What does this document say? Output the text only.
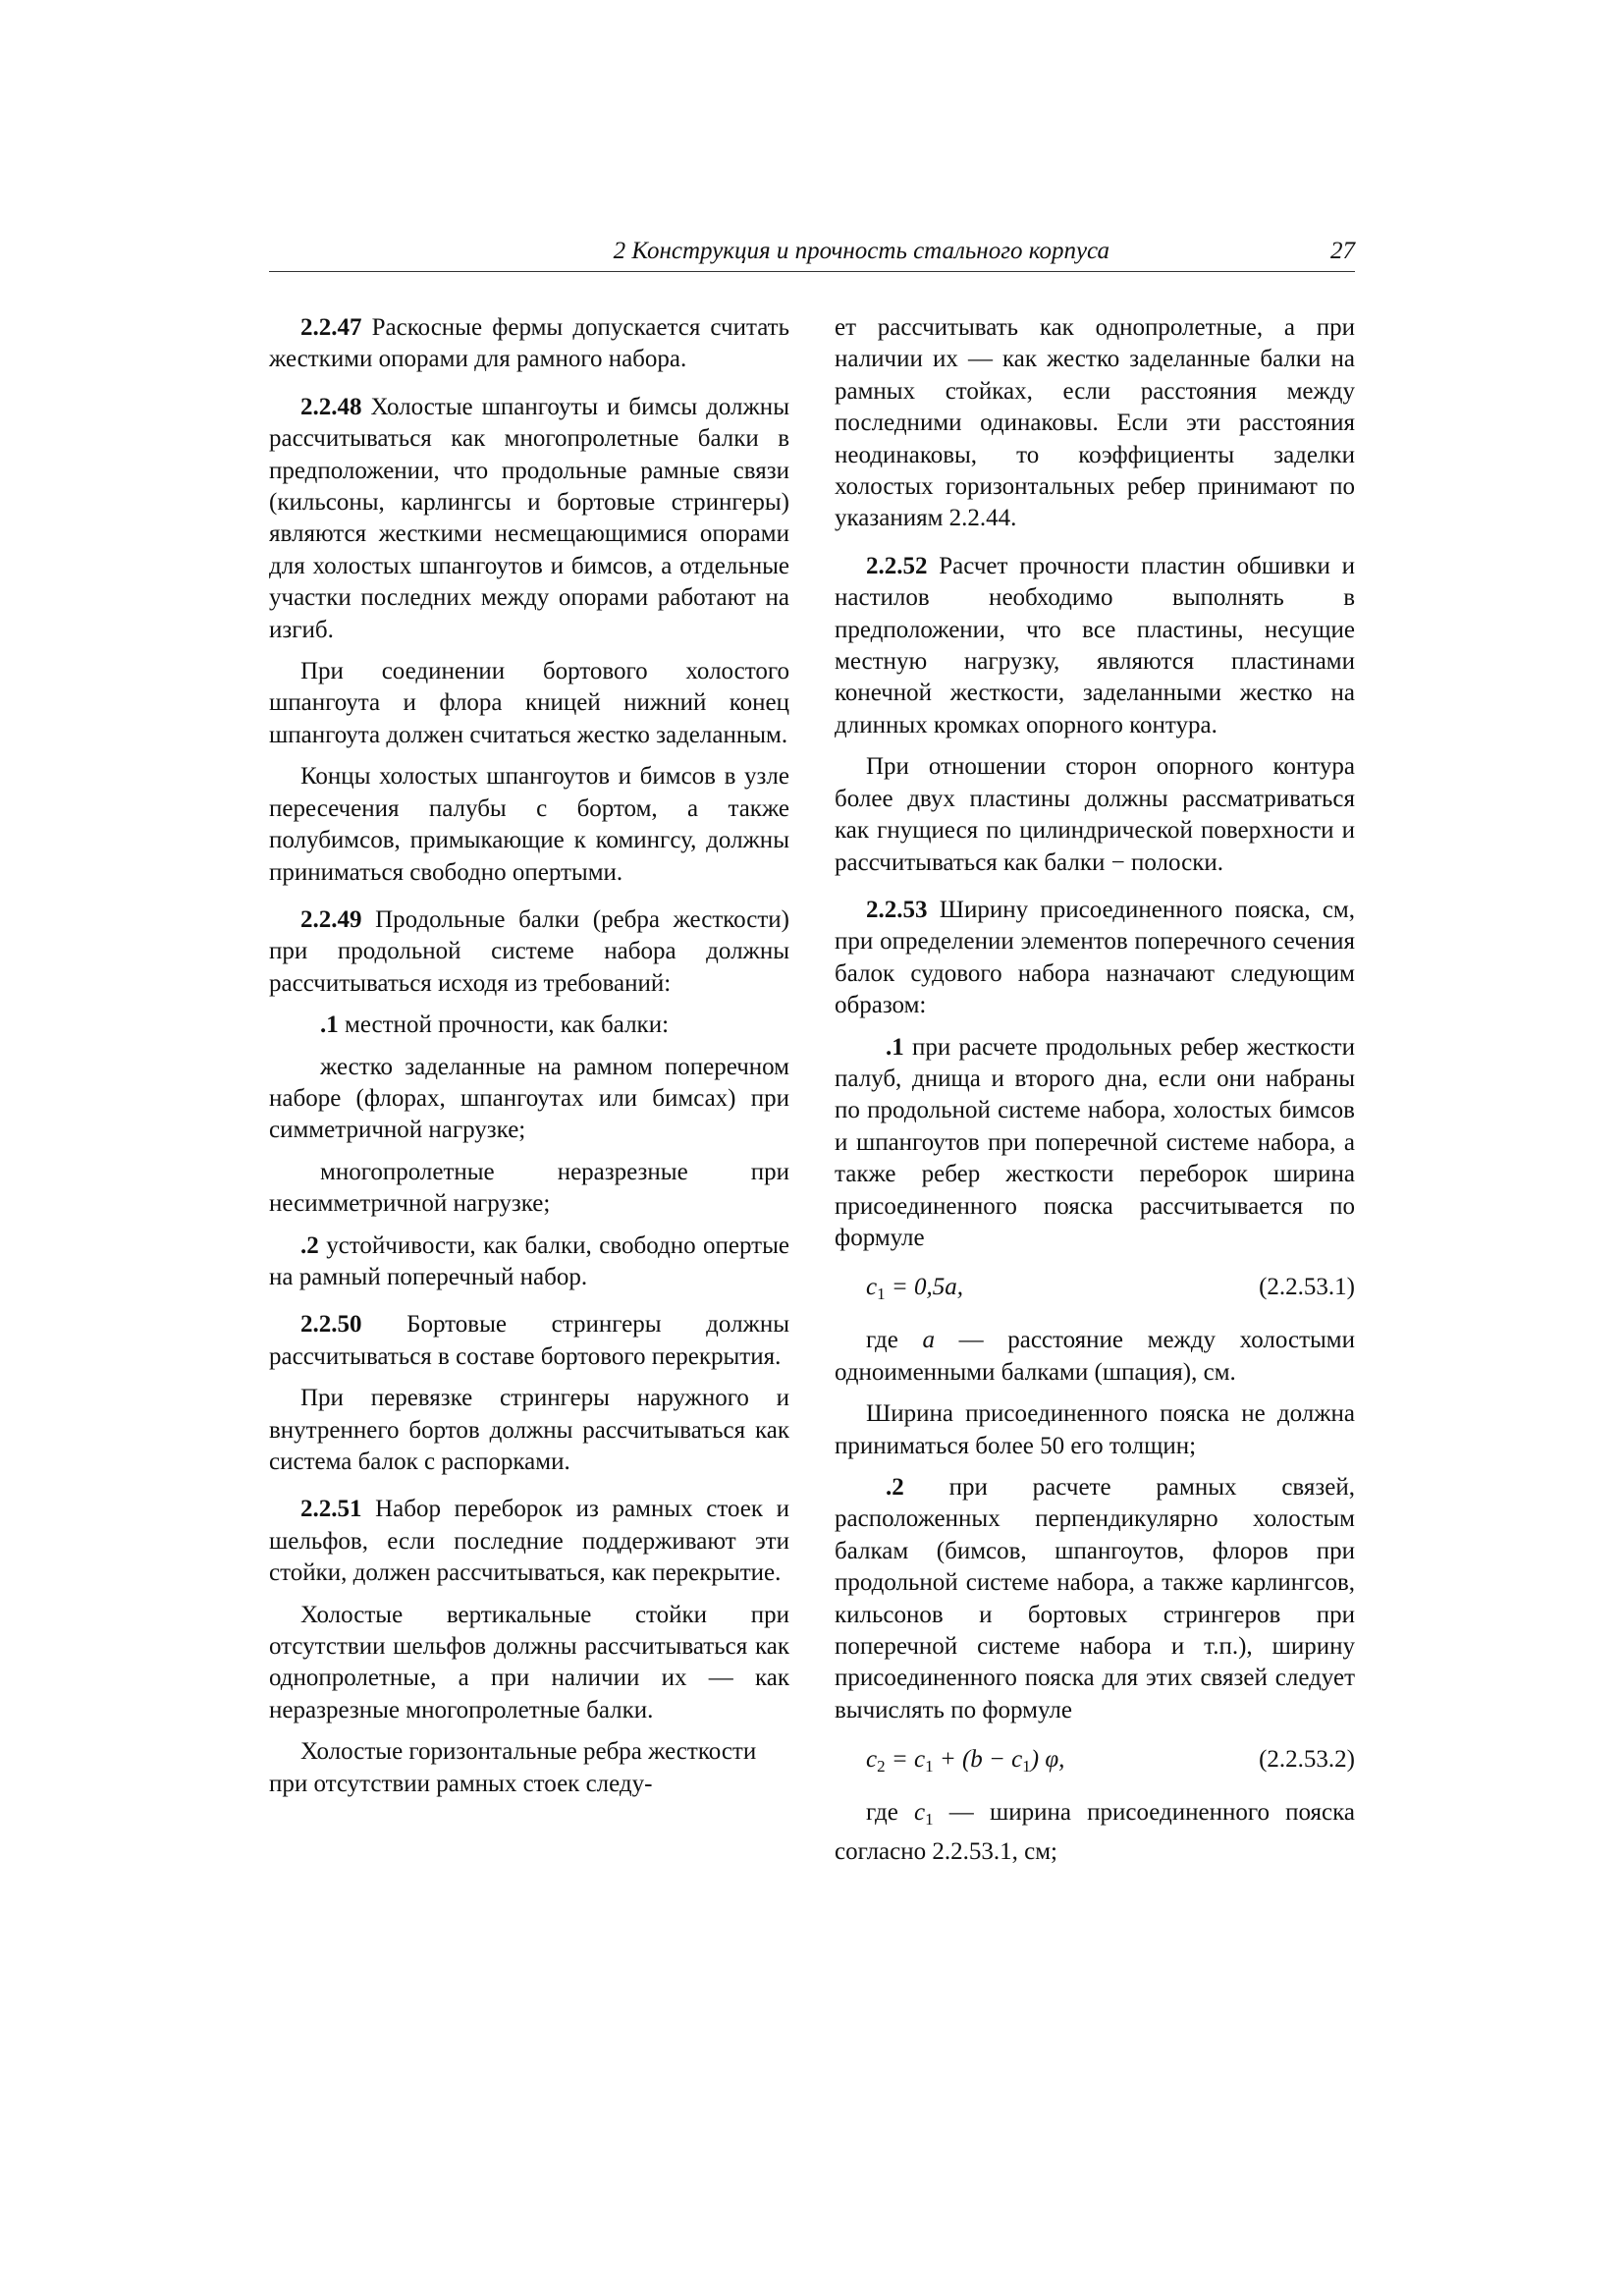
2 Конструкция и прочность стального корпуса	27

2.2.47 Раскосные фермы допускается считать жесткими опорами для рамного набора.

2.2.48 Холостые шпангоуты и бимсы должны рассчитываться как многопролетные балки в предположении, что продольные рамные связи (кильсоны, карлингсы и бортовые стрингеры) являются жесткими несмещающимися опорами для холостых шпангоутов и бимсов, а отдельные участки последних между опорами работают на изгиб.

При соединении бортового холостого шпангоута и флора кницей нижний конец шпангоута должен считаться жестко заделанным.

Концы холостых шпангоутов и бимсов в узле пересечения палубы с бортом, а также полубимсов, примыкающие к комингсу, должны приниматься свободно опертыми.

2.2.49 Продольные балки (ребра жесткости) при продольной системе набора должны рассчитываться исходя из требований:

.1 местной прочности, как балки:

жестко заделанные на рамном поперечном наборе (флорах, шпангоутах или бимсах) при симметричной нагрузке;

многопролетные неразрезные при несимметричной нагрузке;

.2 устойчивости, как балки, свободно опертые на рамный поперечный набор.

2.2.50 Бортовые стрингеры должны рассчитываться в составе бортового перекрытия.

При перевязке стрингеры наружного и внутреннего бортов должны рассчитываться как система балок с распорками.

2.2.51 Набор переборок из рамных стоек и шельфов, если последние поддерживают эти стойки, должен рассчитываться, как перекрытие.

Холостые вертикальные стойки при отсутствии шельфов должны рассчитываться как однопролетные, а при наличии их — как неразрезные многопролетные балки.

Холостые горизонтальные ребра жесткости при отсутствии рамных стоек следу-

ет рассчитывать как однопролетные, а при наличии их — как жестко заделанные балки на рамных стойках, если расстояния между последними одинаковы. Если эти расстояния неодинаковы, то коэффициенты заделки холостых горизонтальных ребер принимают по указаниям 2.2.44.

2.2.52 Расчет прочности пластин обшивки и настилов необходимо выполнять в предположении, что все пластины, несущие местную нагрузку, являются пластинами конечной жесткости, заделанными жестко на длинных кромках опорного контура.

При отношении сторон опорного контура более двух пластины должны рассматриваться как гнущиеся по цилиндрической поверхности и рассчитываться как балки − полоски.

2.2.53 Ширину присоединенного пояска, см, при определении элементов поперечного сечения балок судового набора назначают следующим образом:

.1 при расчете продольных ребер жесткости палуб, днища и второго дна, если они набраны по продольной системе набора, холостых бимсов и шпангоутов при поперечной системе набора, а также ребер жесткости переборок ширина присоединенного пояска рассчитывается по формуле

$c_1 = 0,5a$,	(2.2.53.1)

где a — расстояние между холостыми одноименными балками (шпация), см.

Ширина присоединенного пояска не должна приниматься более 50 его толщин;

.2 при расчете рамных связей, расположенных перпендикулярно холостым балкам (бимсов, шпангоутов, флоров при продольной системе набора, а также карлингсов, кильсонов и бортовых стрингеров при поперечной системе набора и т.п.), ширину присоединенного пояска для этих связей следует вычислять по формуле

$c_2 = c_1 + (b - c_1)$ φ,	(2.2.53.2)

где $c_1$ — ширина присоединенного пояска согласно 2.2.53.1, см;
